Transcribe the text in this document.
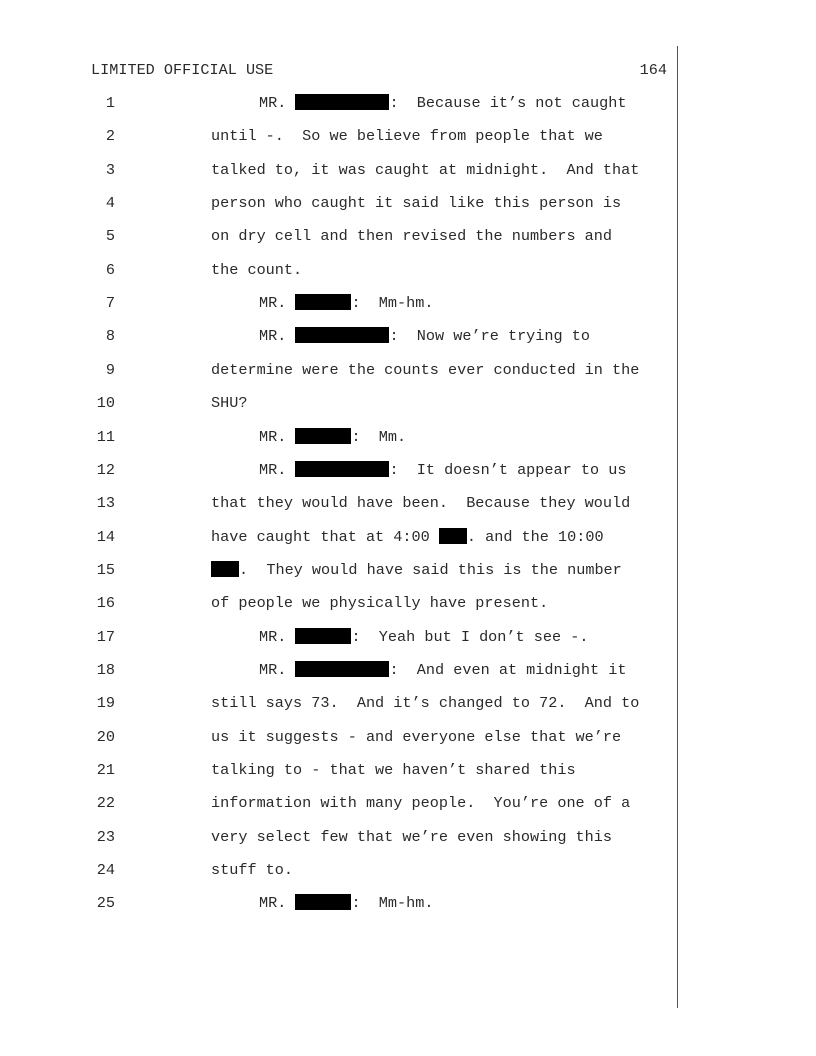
LIMITED OFFICIAL USE	164
1	MR.	:  Because it’s not caught
2	until -.  So we believe from people that we
3	talked to, it was caught at midnight.  And that
4	person who caught it said like this person is
5	on dry cell and then revised the numbers and
6	the count.
7	MR.	:  Mm-hm.
8	MR.	:  Now we’re trying to
9	determine were the counts ever conducted in the
10	SHU?
11	MR.	:  Mm.
12	MR.	:  It doesn’t appear to us
13	that they would have been.  Because they would
14	have caught that at 4:00 . and the 10:00
15	.  They would have said this is the number
16	of people we physically have present.
17	MR.	:  Yeah but I don’t see -.
18	MR.	:  And even at midnight it
19	still says 73.  And it’s changed to 72.  And to
20	us it suggests - and everyone else that we’re
21	talking to - that we haven’t shared this
22	information with many people.  You’re one of a
23	very select few that we’re even showing this
24	stuff to.
25	MR.	:  Mm-hm.
